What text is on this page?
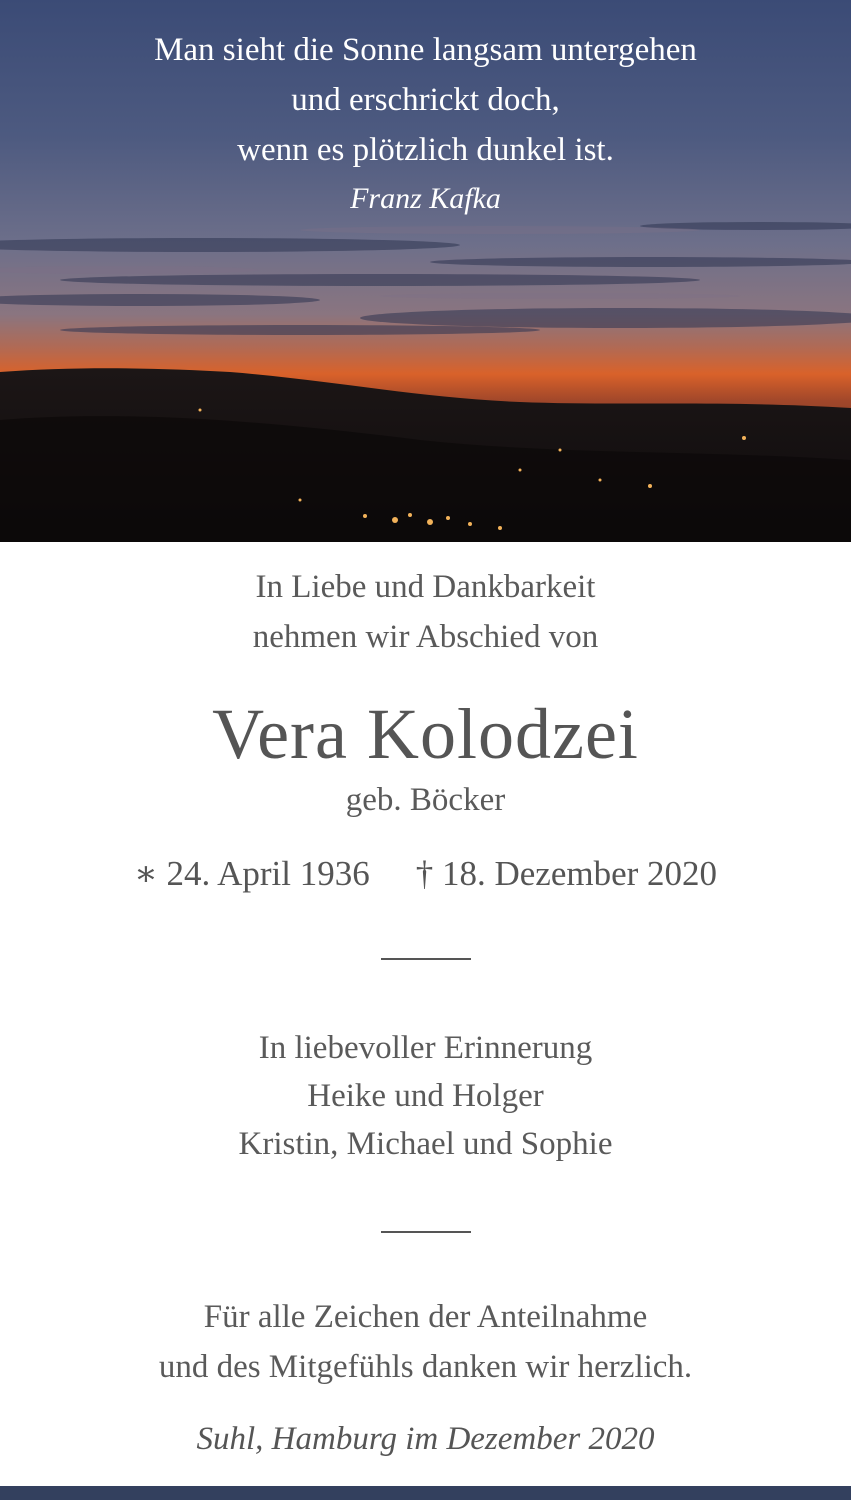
Man sieht die Sonne langsam untergehen
und erschrickt doch,
wenn es plötzlich dunkel ist.
Franz Kafka
In Liebe und Dankbarkeit
nehmen wir Abschied von
Vera Kolodzei
geb. Böcker
∗ 24. April 1936 † 18. Dezember 2020
In liebevoller Erinnerung
Heike und Holger
Kristin, Michael und Sophie
Für alle Zeichen der Anteilnahme
und des Mitgefühls danken wir herzlich.
Suhl, Hamburg im Dezember 2020
